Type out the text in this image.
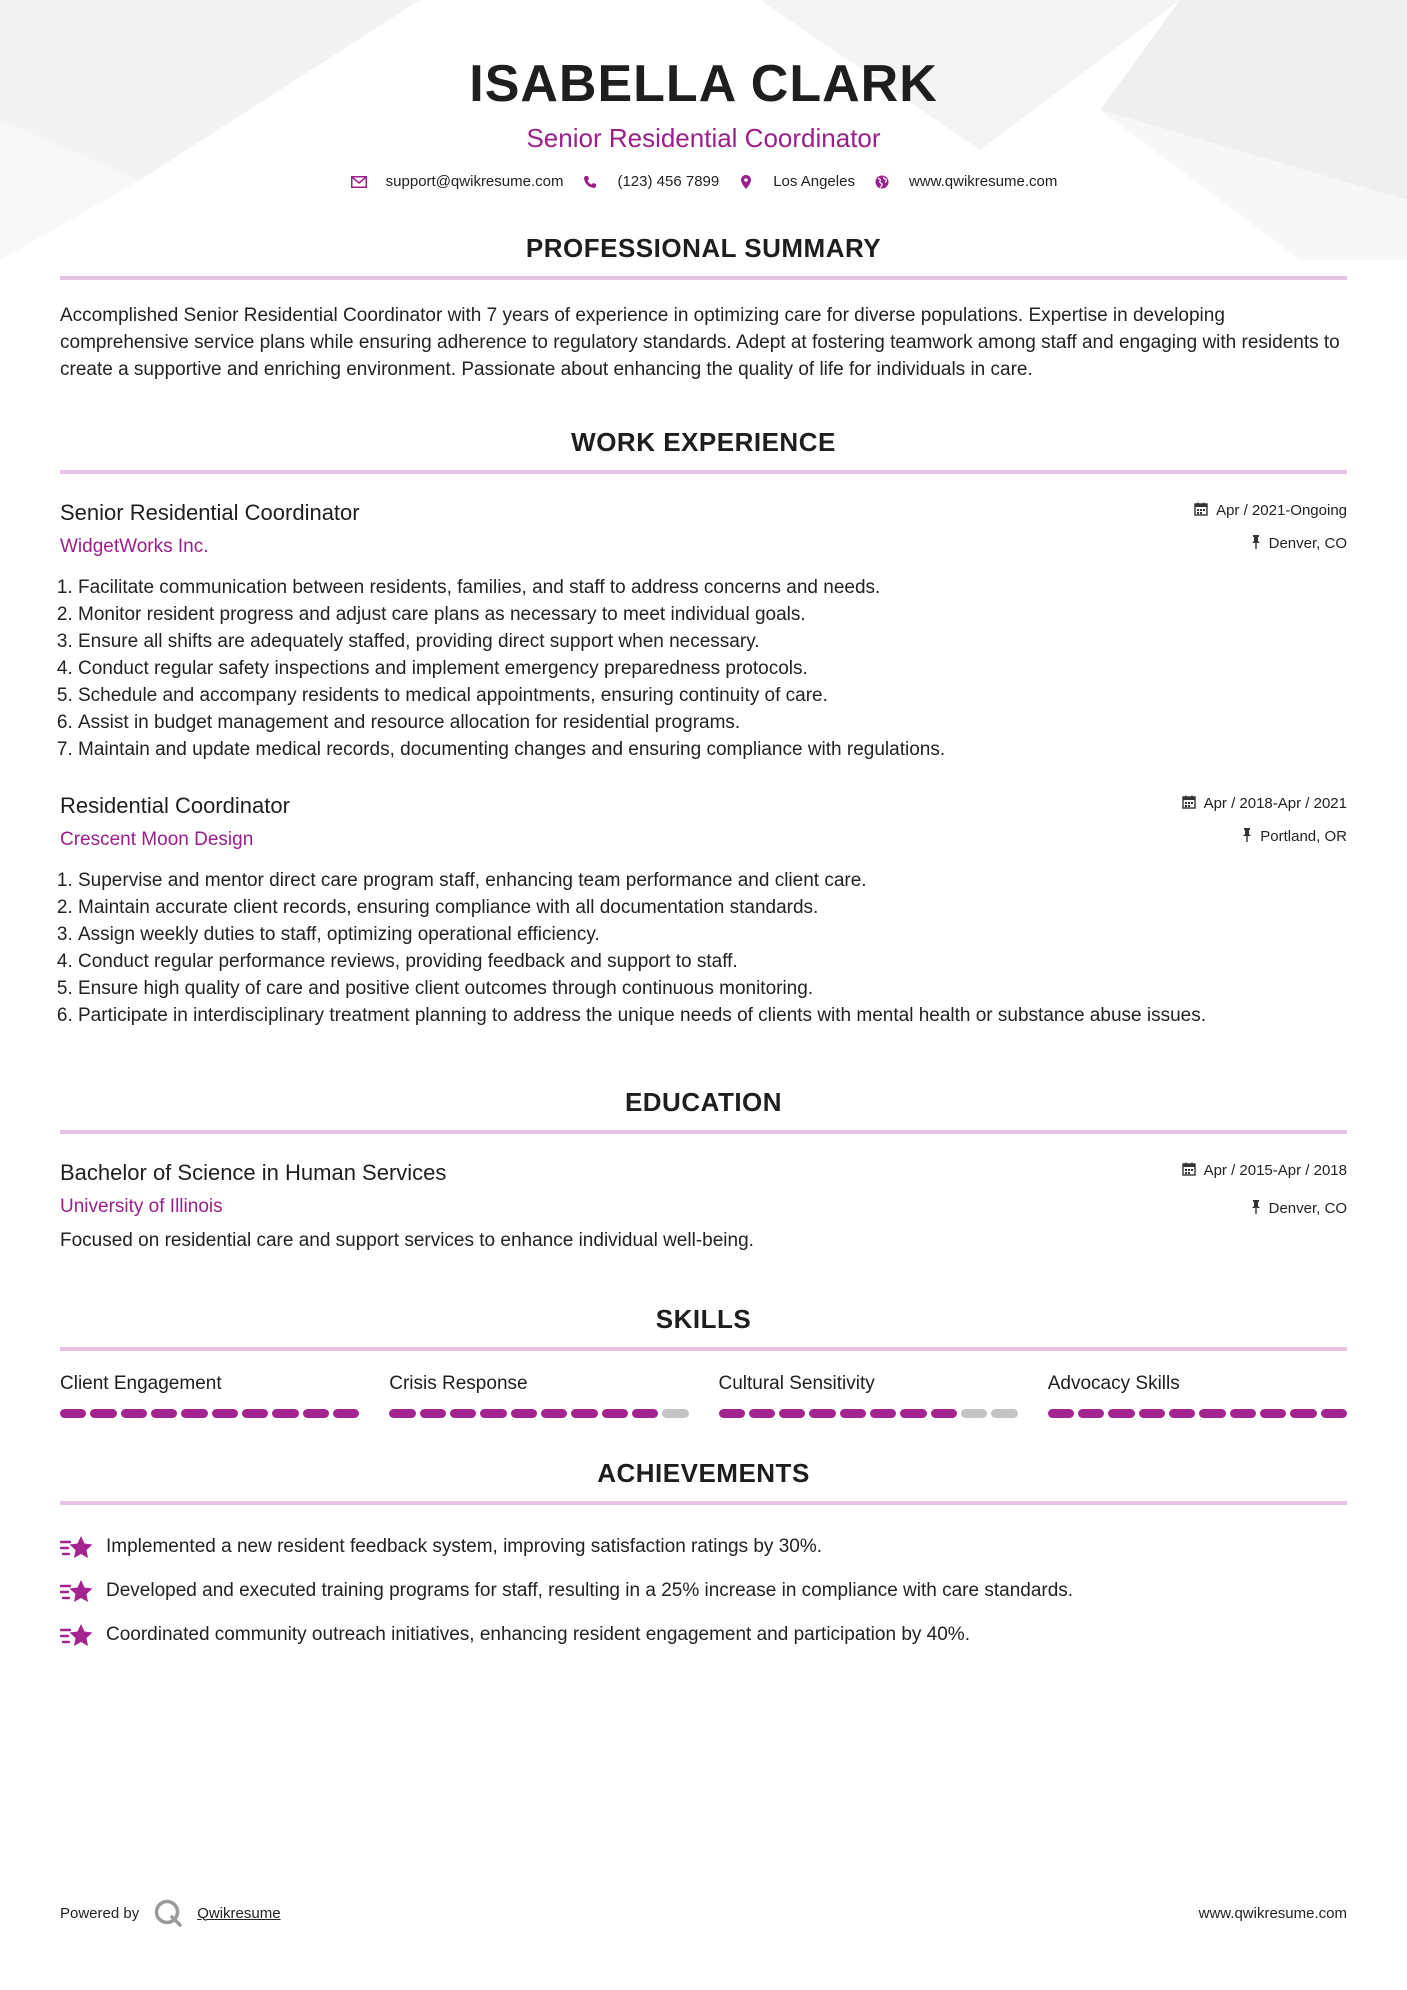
ISABELLA CLARK
Senior Residential Coordinator
support@qwikresume.com	(123) 456 7899	Los Angeles	www.qwikresume.com
PROFESSIONAL SUMMARY
Accomplished Senior Residential Coordinator with 7 years of experience in optimizing care for diverse populations. Expertise in developing comprehensive service plans while ensuring adherence to regulatory standards. Adept at fostering teamwork among staff and engaging with residents to create a supportive and enriching environment. Passionate about enhancing the quality of life for individuals in care.
WORK EXPERIENCE
Senior Residential Coordinator
WidgetWorks Inc.
Apr / 2021-Ongoing
Denver, CO
1. Facilitate communication between residents, families, and staff to address concerns and needs.
2. Monitor resident progress and adjust care plans as necessary to meet individual goals.
3. Ensure all shifts are adequately staffed, providing direct support when necessary.
4. Conduct regular safety inspections and implement emergency preparedness protocols.
5. Schedule and accompany residents to medical appointments, ensuring continuity of care.
6. Assist in budget management and resource allocation for residential programs.
7. Maintain and update medical records, documenting changes and ensuring compliance with regulations.
Residential Coordinator
Crescent Moon Design
Apr / 2018-Apr / 2021
Portland, OR
1. Supervise and mentor direct care program staff, enhancing team performance and client care.
2. Maintain accurate client records, ensuring compliance with all documentation standards.
3. Assign weekly duties to staff, optimizing operational efficiency.
4. Conduct regular performance reviews, providing feedback and support to staff.
5. Ensure high quality of care and positive client outcomes through continuous monitoring.
6. Participate in interdisciplinary treatment planning to address the unique needs of clients with mental health or substance abuse issues.
EDUCATION
Bachelor of Science in Human Services
University of Illinois
Apr / 2015-Apr / 2018
Denver, CO
Focused on residential care and support services to enhance individual well-being.
SKILLS
Client Engagement	Crisis Response	Cultural Sensitivity	Advocacy Skills
ACHIEVEMENTS
Implemented a new resident feedback system, improving satisfaction ratings by 30%.
Developed and executed training programs for staff, resulting in a 25% increase in compliance with care standards.
Coordinated community outreach initiatives, enhancing resident engagement and participation by 40%.
Powered by	Qwikresume	www.qwikresume.com
